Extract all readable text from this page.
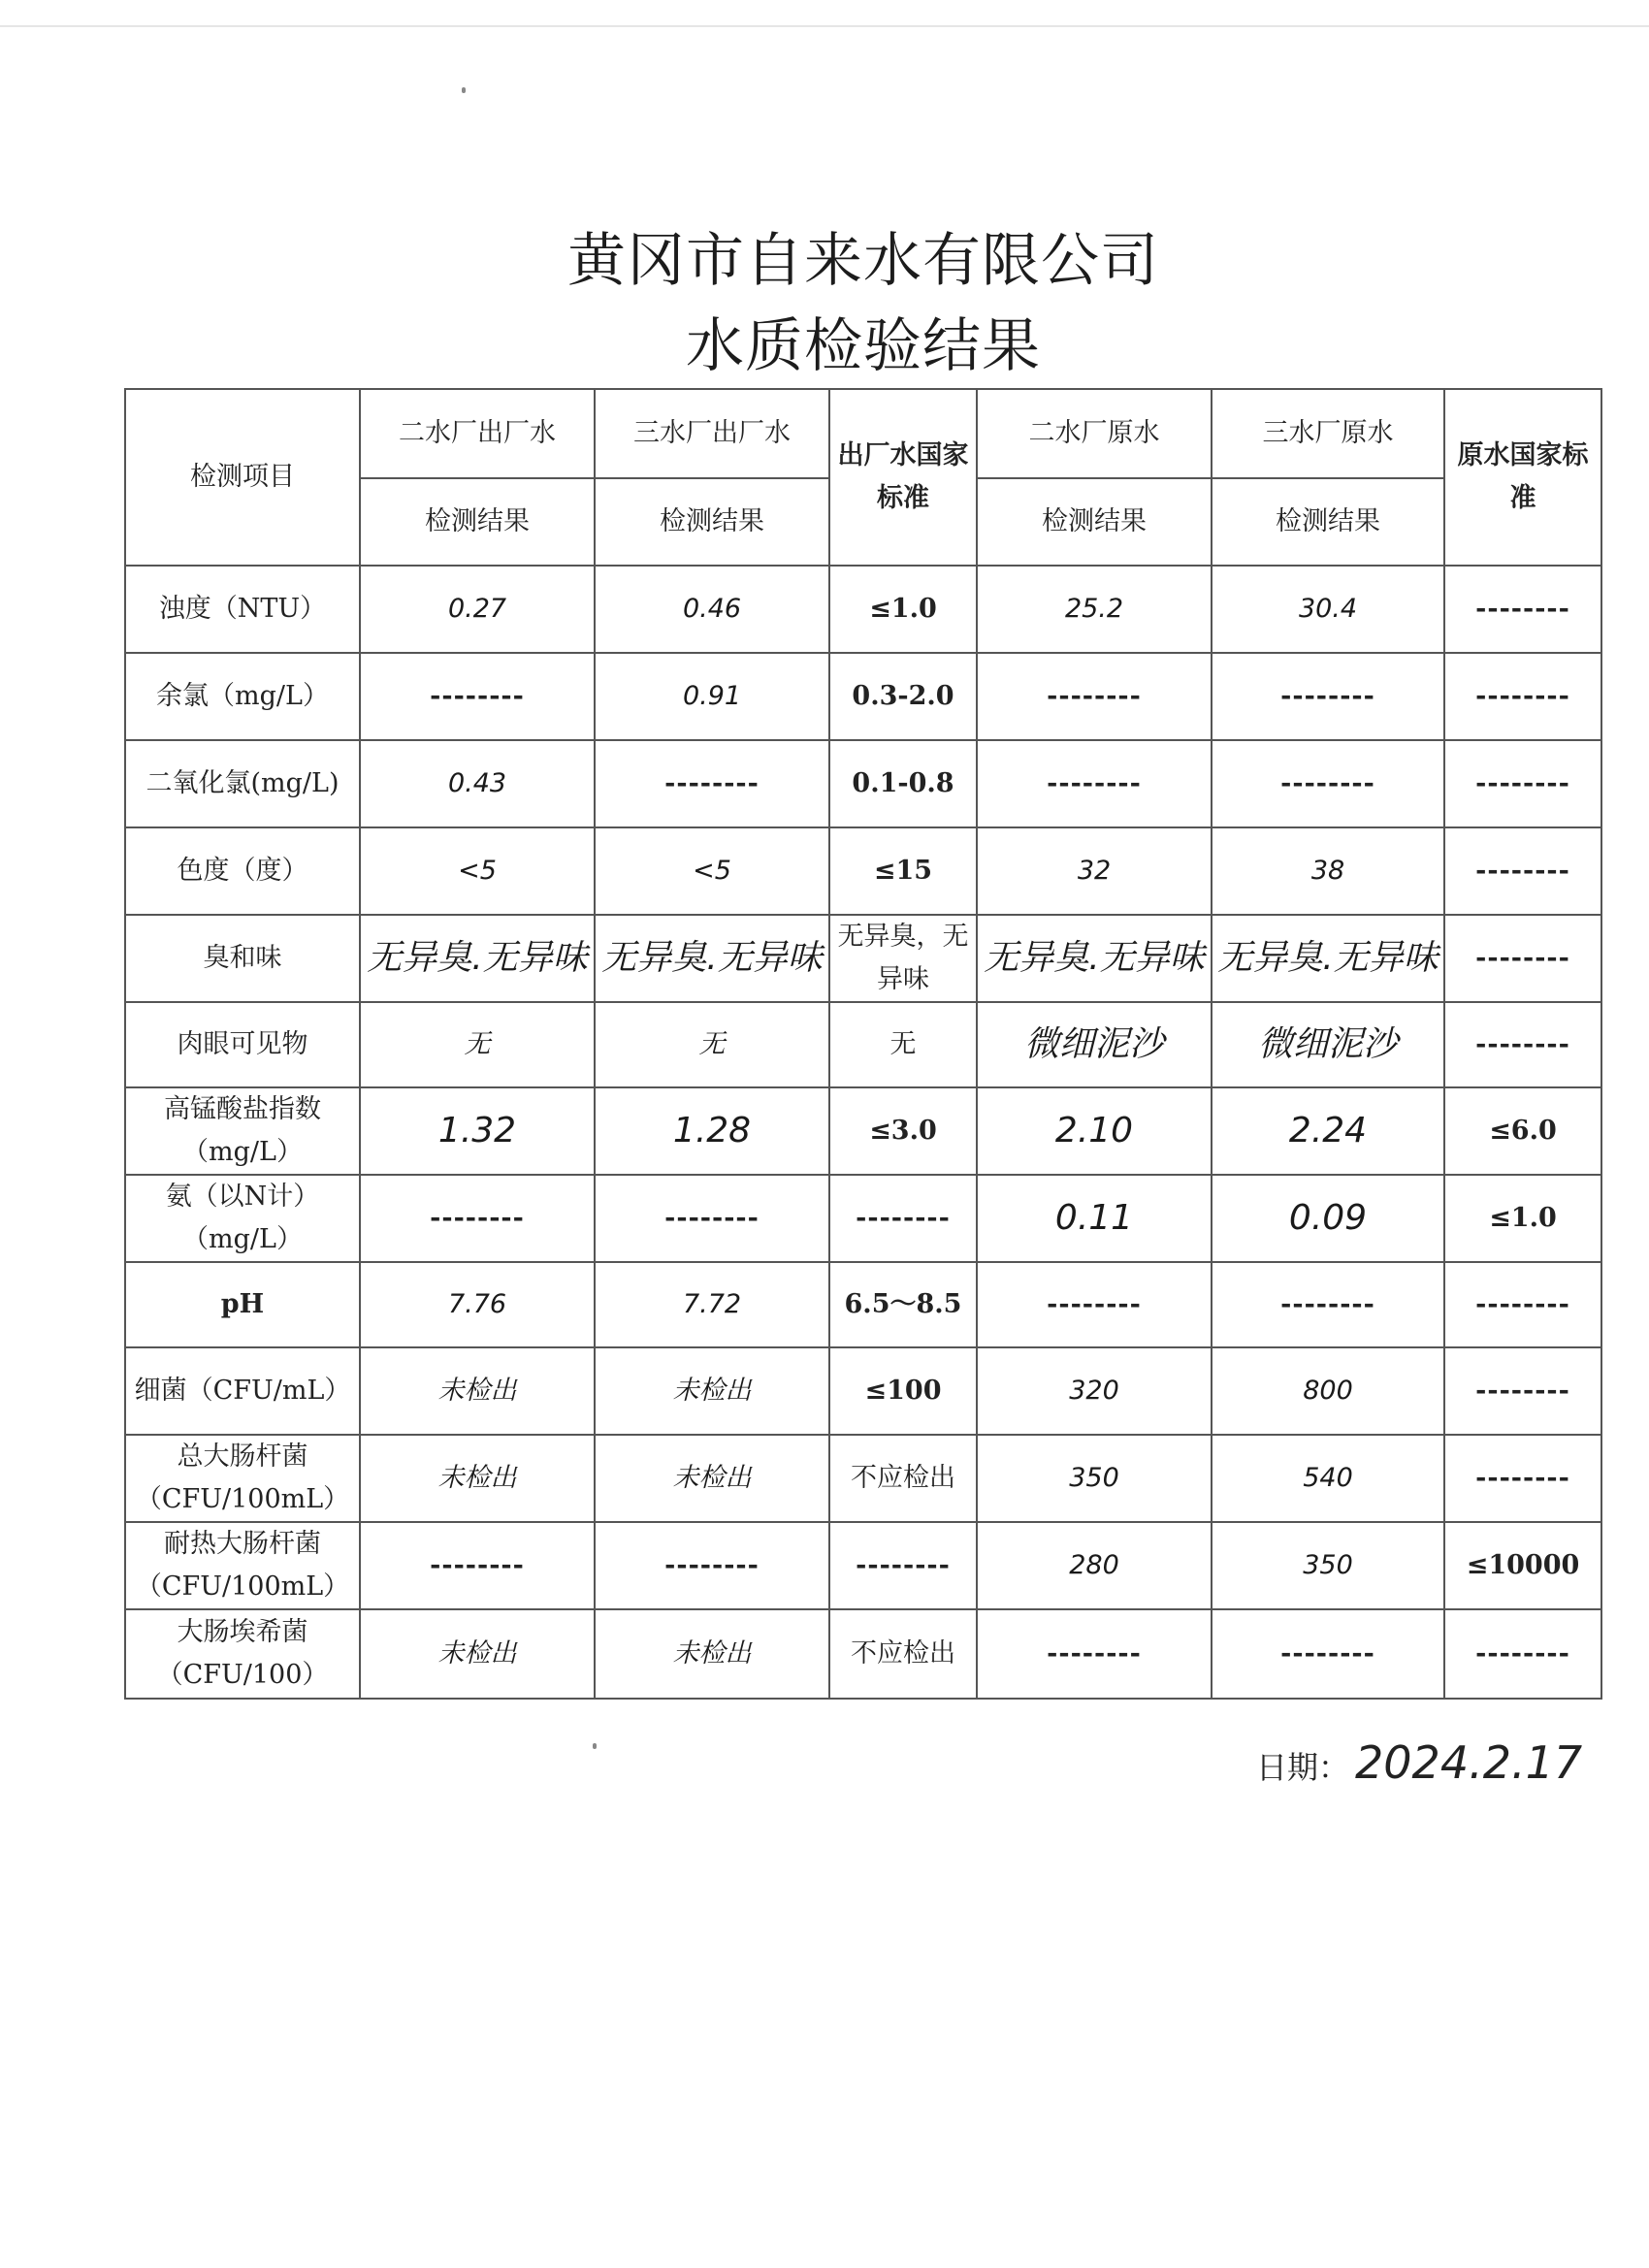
黄冈市自来水有限公司
水质检验结果
检测项目	二水厂出厂水	三水厂出厂水	出厂水国家标准	二水厂原水	三水厂原水	原水国家标准
	检测结果	检测结果		检测结果	检测结果	
浊度（NTU）	0.27	0.46	≤1.0	25.2	30.4	--------
余氯（mg/L）	--------	0.91	0.3-2.0	--------	--------	--------
二氧化氯(mg/L)	0.43	--------	0.1-0.8	--------	--------	--------
色度（度）	<5	<5	≤15	32	38	--------
臭和味	无异臭.无异味	无异臭.无异味	无异臭，无异味	无异臭.无异味	无异臭.无异味	--------
肉眼可见物	无	无	无	微细泥沙	微细泥沙	--------
高锰酸盐指数（mg/L）	1.32	1.28	≤3.0	2.10	2.24	≤6.0
氨（以N计）（mg/L）	--------	--------	--------	0.11	0.09	≤1.0
pH	7.76	7.72	6.5～8.5	--------	--------	--------
细菌（CFU/mL）	未检出	未检出	≤100	320	800	--------
总大肠杆菌（CFU/100mL）	未检出	未检出	不应检出	350	540	--------
耐热大肠杆菌（CFU/100mL）	--------	--------	--------	280	350	≤10000
大肠埃希菌（CFU/100）	未检出	未检出	不应检出	--------	--------	--------
日期： 2024.2.17
